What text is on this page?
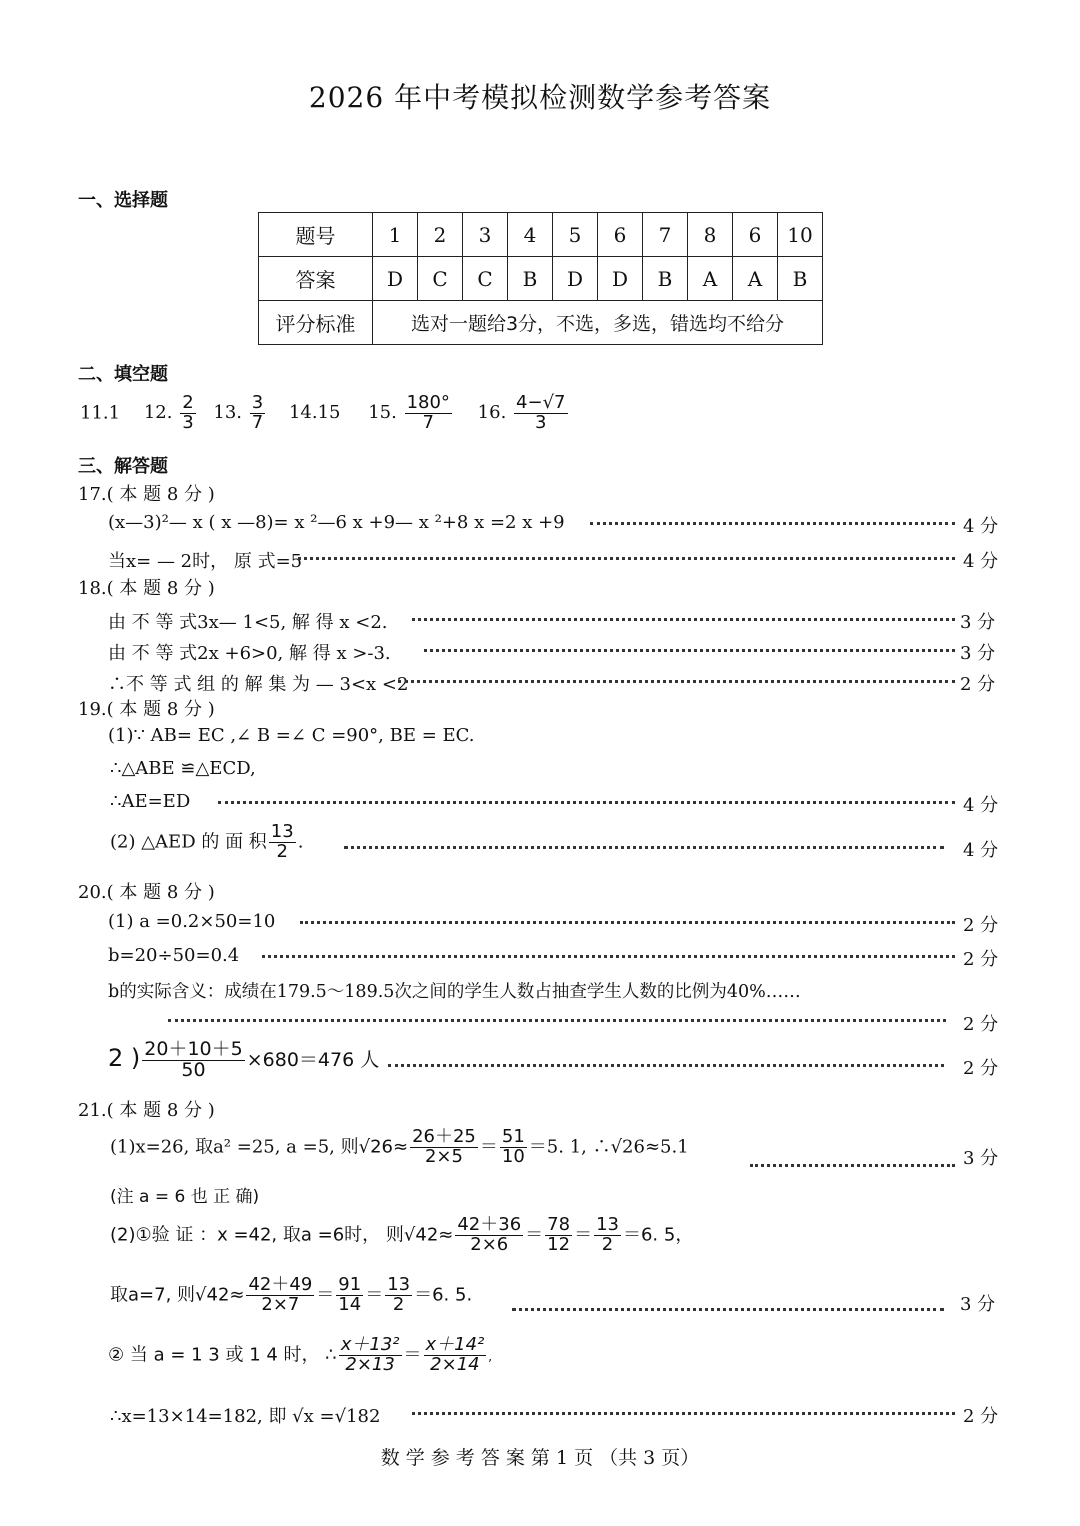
2026 年中考模拟检测数学参考答案
一、选择题
题号	1	2	3	4	5	6	7	8	6	10
答案	D	C	C	B	D	D	B	A	A	B
评分标准	选对一题给3分，不选，多选，错选均不给分									
二、填空题
11.1 12. $\frac{2}{3} 13$. $\frac{3}{7} 14.15$ 15. $\frac{180^\circ}{7} 16$. $\frac{4-√7}{3}$
三、解答题
17.( 本 题 8 分 )
(x—3)²— x ( x —8)= x ²—6 x +9— x ²+8 x =2 x +9	4 分
当x= — 2时， 原 式=5	4 分
18.( 本 题 8 分 )
由 不 等 式3x— 1<5, 解 得 x <2.	3 分
由 不 等 式2x +6>0, 解 得 x >-3.	3 分
∴不 等 式 组 的 解 集 为 — 3<x <2	2 分
19.( 本 题 8 分 )
(1)∵ AB= EC ,∠ B =∠ C =90°, BE = EC.
∴△ABE ≌△ECD,
∴AE=ED	4 分
(2) △AED 的 面 积 $\frac{13}{2}$ .	4 分
20.( 本 题 8 分 )
(1) a =0.2×50=10	2 分
b=20÷50=0.4	2 分
b的实际含义：成绩在179.5～189.5次之间的学生人数占抽查学生人数的比例为40%……
2 分
2 ) $\frac{20+10+5}{50} \times 680=476$ 人	2 分
21.( 本 题 8 分 )
(1)x=26, 取a² =25, a =5, 则$√26\approx \frac{26+25}{2\times 5} = \frac{51}{10} =5$. 1, ∴√26≈5.1
3 分
(注 a = 6 也 正 确)
(2)①验 证 ：x =42, 取a =6时， 则$√42\approx \frac{42+36}{2\times 6} = \frac{78}{12} = \frac{13}{2} =6$. 5，
取a=7, 则$√42\approx \frac{42+49}{2\times 7} = \frac{91}{14} = \frac{13}{2} =6$. 5.	3 分
② 当 a = 1 3 或 1 4 时， ∴ $\frac{\text{x＋13²}}{2\times 13} = \frac{\text{x＋14²}}{2\times 14}$ ,
∴x=13×14=182, 即 √x =√182	2 分
数 学 参 考 答 案 第 1 页 （共 3 页）
